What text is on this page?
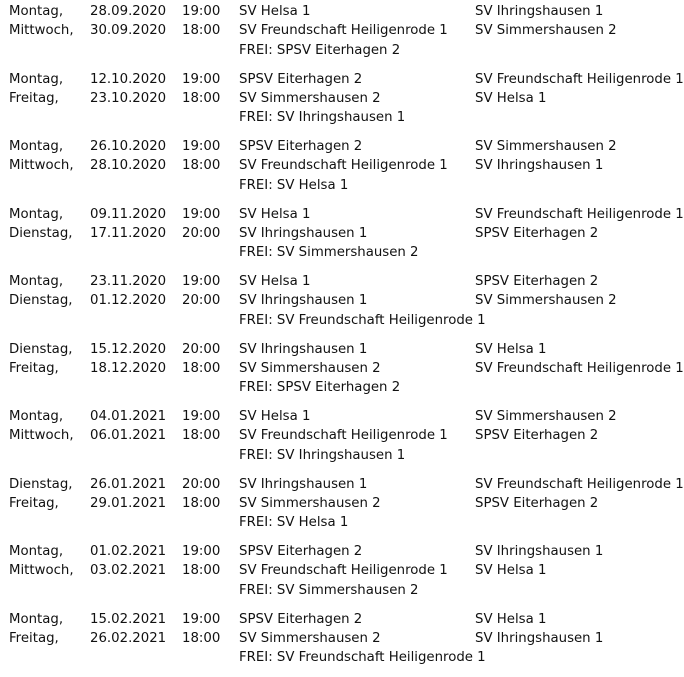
Montag, 28.09.2020 19:00 SV Helsa 1	SV Ihringshausen 1
Mittwoch, 30.09.2020 18:00 SV Freundschaft Heiligenrode 1 SV Simmershausen 2
FREI: SPSV Eiterhagen 2
Montag, 12.10.2020 19:00 SPSV Eiterhagen 2	SV Freundschaft Heiligenrode 1
Freitag, 23.10.2020 18:00 SV Simmershausen 2	SV Helsa 1
FREI: SV Ihringshausen 1
Montag, 26.10.2020 19:00 SPSV Eiterhagen 2	SV Simmershausen 2
Mittwoch, 28.10.2020 18:00 SV Freundschaft Heiligenrode 1 SV Ihringshausen 1
FREI: SV Helsa 1
Montag, 09.11.2020 19:00 SV Helsa 1	SV Freundschaft Heiligenrode 1
Dienstag, 17.11.2020 20:00 SV Ihringshausen 1	SPSV Eiterhagen 2
FREI: SV Simmershausen 2
Montag, 23.11.2020 19:00 SV Helsa 1	SPSV Eiterhagen 2
Dienstag, 01.12.2020 20:00 SV Ihringshausen 1	SV Simmershausen 2
FREI: SV Freundschaft Heiligenrode 1
Dienstag, 15.12.2020 20:00 SV Ihringshausen 1	SV Helsa 1
Freitag, 18.12.2020 18:00 SV Simmershausen 2	SV Freundschaft Heiligenrode 1
FREI: SPSV Eiterhagen 2
Montag, 04.01.2021 19:00 SV Helsa 1	SV Simmershausen 2
Mittwoch, 06.01.2021 18:00 SV Freundschaft Heiligenrode 1 SPSV Eiterhagen 2
FREI: SV Ihringshausen 1
Dienstag, 26.01.2021 20:00 SV Ihringshausen 1	SV Freundschaft Heiligenrode 1
Freitag, 29.01.2021 18:00 SV Simmershausen 2	SPSV Eiterhagen 2
FREI: SV Helsa 1
Montag, 01.02.2021 19:00 SPSV Eiterhagen 2	SV Ihringshausen 1
Mittwoch, 03.02.2021 18:00 SV Freundschaft Heiligenrode 1 SV Helsa 1
FREI: SV Simmershausen 2
Montag, 15.02.2021 19:00 SPSV Eiterhagen 2	SV Helsa 1
Freitag, 26.02.2021 18:00 SV Simmershausen 2	SV Ihringshausen 1
FREI: SV Freundschaft Heiligenrode 1
